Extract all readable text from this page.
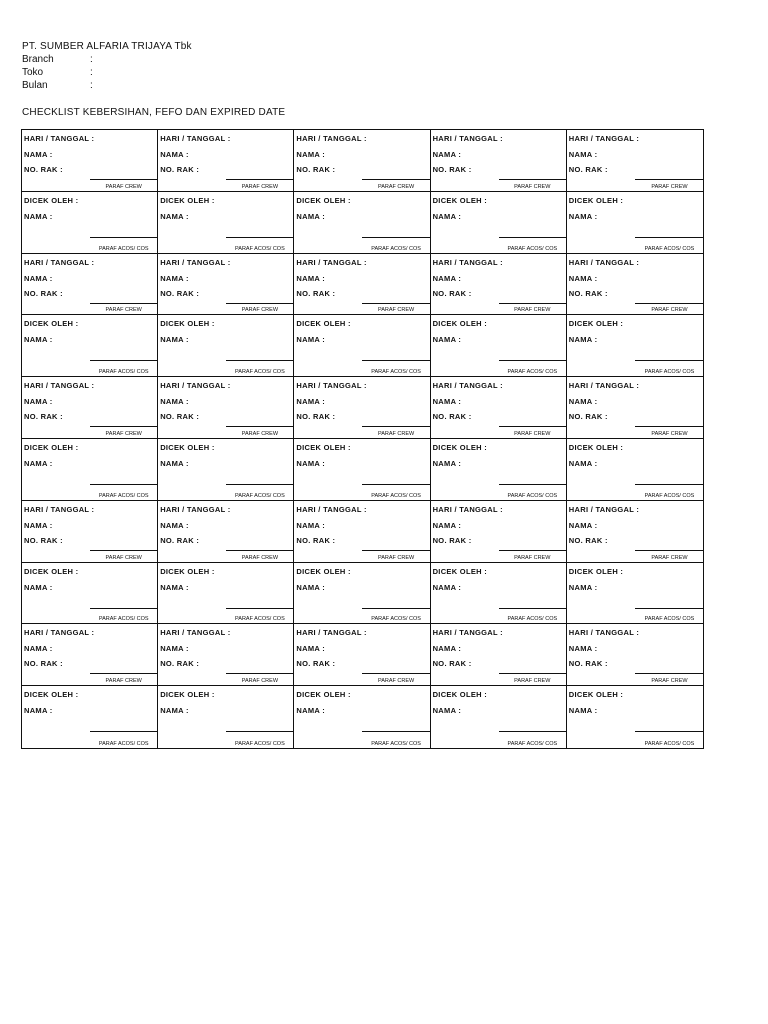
PT. SUMBER ALFARIA TRIJAYA Tbk
Branch	:
Toko	:
Bulan	:
CHECKLIST KEBERSIHAN, FEFO DAN EXPIRED DATE
HARI / TANGGAL :
NAMA :
NO. RAK :
PARAF CREW
HARI / TANGGAL :
NAMA :
NO. RAK :
PARAF CREW
HARI / TANGGAL :
NAMA :
NO. RAK :
PARAF CREW
HARI / TANGGAL :
NAMA :
NO. RAK :
PARAF CREW
HARI / TANGGAL :
NAMA :
NO. RAK :
PARAF CREW
DICEK OLEH :
NAMA :
PARAF ACOS/ COS
DICEK OLEH :
NAMA :
PARAF ACOS/ COS
DICEK OLEH :
NAMA :
PARAF ACOS/ COS
DICEK OLEH :
NAMA :
PARAF ACOS/ COS
DICEK OLEH :
NAMA :
PARAF ACOS/ COS
HARI / TANGGAL :
NAMA :
NO. RAK :
PARAF CREW
HARI / TANGGAL :
NAMA :
NO. RAK :
PARAF CREW
HARI / TANGGAL :
NAMA :
NO. RAK :
PARAF CREW
HARI / TANGGAL :
NAMA :
NO. RAK :
PARAF CREW
HARI / TANGGAL :
NAMA :
NO. RAK :
PARAF CREW
DICEK OLEH :
NAMA :
PARAF ACOS/ COS
DICEK OLEH :
NAMA :
PARAF ACOS/ COS
DICEK OLEH :
NAMA :
PARAF ACOS/ COS
DICEK OLEH :
NAMA :
PARAF ACOS/ COS
DICEK OLEH :
NAMA :
PARAF ACOS/ COS
HARI / TANGGAL :
NAMA :
NO. RAK :
PARAF CREW
HARI / TANGGAL :
NAMA :
NO. RAK :
PARAF CREW
HARI / TANGGAL :
NAMA :
NO. RAK :
PARAF CREW
HARI / TANGGAL :
NAMA :
NO. RAK :
PARAF CREW
HARI / TANGGAL :
NAMA :
NO. RAK :
PARAF CREW
DICEK OLEH :
NAMA :
PARAF ACOS/ COS
DICEK OLEH :
NAMA :
PARAF ACOS/ COS
DICEK OLEH :
NAMA :
PARAF ACOS/ COS
DICEK OLEH :
NAMA :
PARAF ACOS/ COS
DICEK OLEH :
NAMA :
PARAF ACOS/ COS
HARI / TANGGAL :
NAMA :
NO. RAK :
PARAF CREW
HARI / TANGGAL :
NAMA :
NO. RAK :
PARAF CREW
HARI / TANGGAL :
NAMA :
NO. RAK :
PARAF CREW
HARI / TANGGAL :
NAMA :
NO. RAK :
PARAF CREW
HARI / TANGGAL :
NAMA :
NO. RAK :
PARAF CREW
DICEK OLEH :
NAMA :
PARAF ACOS/ COS
DICEK OLEH :
NAMA :
PARAF ACOS/ COS
DICEK OLEH :
NAMA :
PARAF ACOS/ COS
DICEK OLEH :
NAMA :
PARAF ACOS/ COS
DICEK OLEH :
NAMA :
PARAF ACOS/ COS
HARI / TANGGAL :
NAMA :
NO. RAK :
PARAF CREW
HARI / TANGGAL :
NAMA :
NO. RAK :
PARAF CREW
HARI / TANGGAL :
NAMA :
NO. RAK :
PARAF CREW
HARI / TANGGAL :
NAMA :
NO. RAK :
PARAF CREW
HARI / TANGGAL :
NAMA :
NO. RAK :
PARAF CREW
DICEK OLEH :
NAMA :
PARAF ACOS/ COS
DICEK OLEH :
NAMA :
PARAF ACOS/ COS
DICEK OLEH :
NAMA :
PARAF ACOS/ COS
DICEK OLEH :
NAMA :
PARAF ACOS/ COS
DICEK OLEH :
NAMA :
PARAF ACOS/ COS
